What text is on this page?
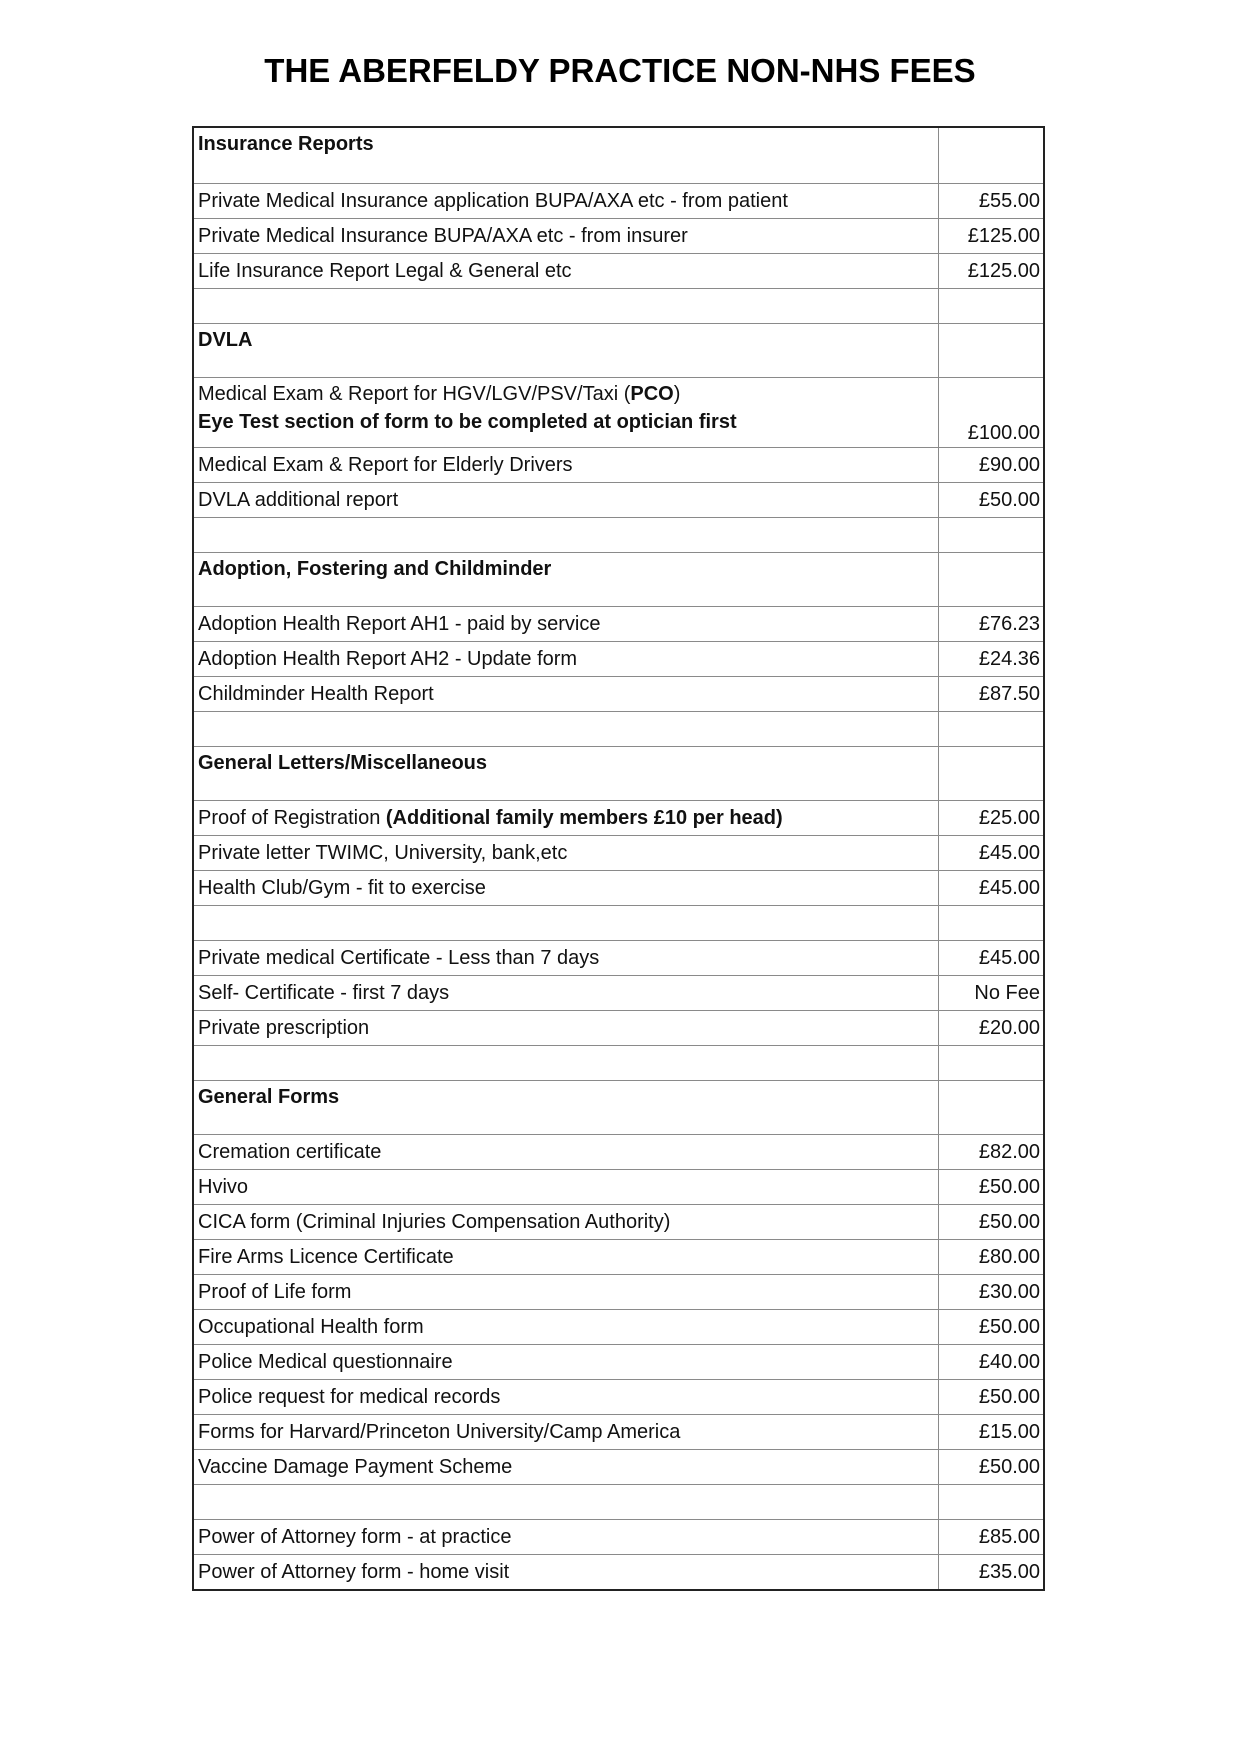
THE ABERFELDY PRACTICE NON-NHS FEES
Insurance Reports	
Private Medical Insurance application BUPA/AXA etc - from patient	£55.00
Private Medical Insurance BUPA/AXA etc - from insurer	£125.00
Life Insurance Report Legal & General etc	£125.00

DVLA	
Medical Exam & Report for HGV/LGV/PSV/Taxi (PCO)
Eye Test section of form to be completed at optician first	£100.00
Medical Exam & Report for Elderly Drivers	£90.00
DVLA additional report	£50.00

Adoption, Fostering and Childminder	
Adoption Health Report AH1 - paid by service	£76.23
Adoption Health Report AH2 - Update form	£24.36
Childminder Health Report	£87.50

General Letters/Miscellaneous	
Proof of Registration (Additional family members £10 per head)	£25.00
Private letter TWIMC, University, bank,etc	£45.00
Health Club/Gym - fit to exercise	£45.00

Private medical Certificate - Less than 7 days	£45.00
Self- Certificate - first 7 days	No Fee
Private prescription	£20.00

General Forms	
Cremation certificate	£82.00
Hvivo	£50.00
CICA form (Criminal Injuries Compensation Authority)	£50.00
Fire Arms Licence Certificate	£80.00
Proof of Life form	£30.00
Occupational Health form	£50.00
Police Medical questionnaire	£40.00
Police request for medical records	£50.00
Forms for Harvard/Princeton University/Camp America	£15.00
Vaccine Damage Payment Scheme	£50.00

Power of Attorney form - at practice	£85.00
Power of Attorney form - home visit	£35.00
